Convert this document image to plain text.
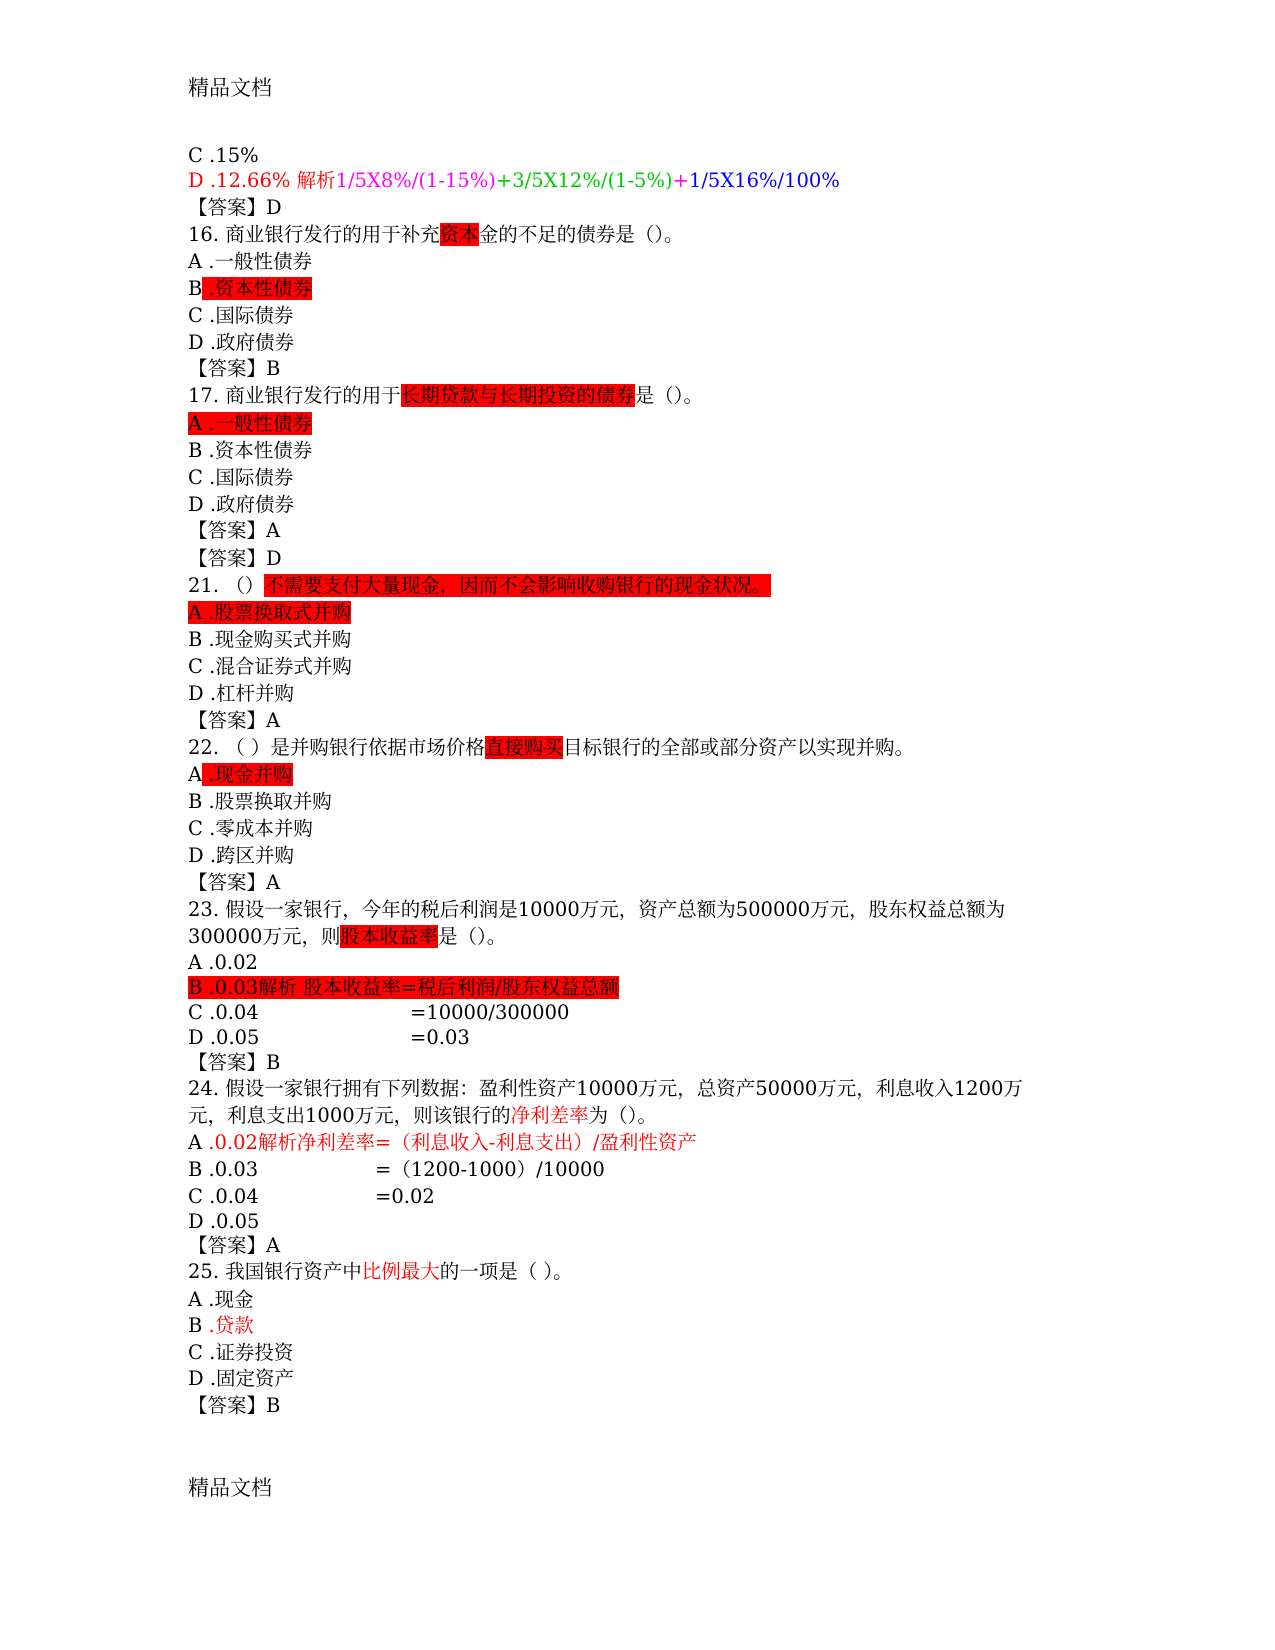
精品文档
C .15%
D .12.66% 解析1/5X8%/(1-15%)+3/5X12%/(1-5%)+1/5X16%/100%
【答案】D
16. 商业银行发行的用于补充资本金的不足的债券是（）。
A .一般性债券
B .资本性债券
C .国际债券
D .政府债券
【答案】B
17. 商业银行发行的用于长期贷款与长期投资的债券是（）。
A .一般性债券
B .资本性债券
C .国际债券
D .政府债券
【答案】A
【答案】D
21. （）不需要支付大量现金，因而不会影响收购银行的现金状况。
A .股票换取式并购
B .现金购买式并购
C .混合证券式并购
D .杠杆并购
【答案】A
22. （ ）是并购银行依据市场价格直接购买目标银行的全部或部分资产以实现并购。
A .现金并购
B .股票换取并购
C .零成本并购
D .跨区并购
【答案】A
23. 假设一家银行，今年的税后利润是10000万元，资产总额为500000万元，股东权益总额为
300000万元，则股本收益率是（）。
A .0.02
B .0.03解析 股本收益率=税后利润/股东权益总额
C .0.04	=10000/300000
D .0.05	=0.03
【答案】B
24. 假设一家银行拥有下列数据：盈利性资产10000万元，总资产50000万元，利息收入1200万
元，利息支出1000万元，则该银行的净利差率为（）。
A .0.02解析净利差率=（利息收入-利息支出）/盈利性资产
B .0.03	=（1200-1000）/10000
C .0.04	=0.02
D .0.05
【答案】A
25. 我国银行资产中比例最大的一项是（ ）。
A .现金
B .贷款
C .证券投资
D .固定资产
【答案】B
精品文档
